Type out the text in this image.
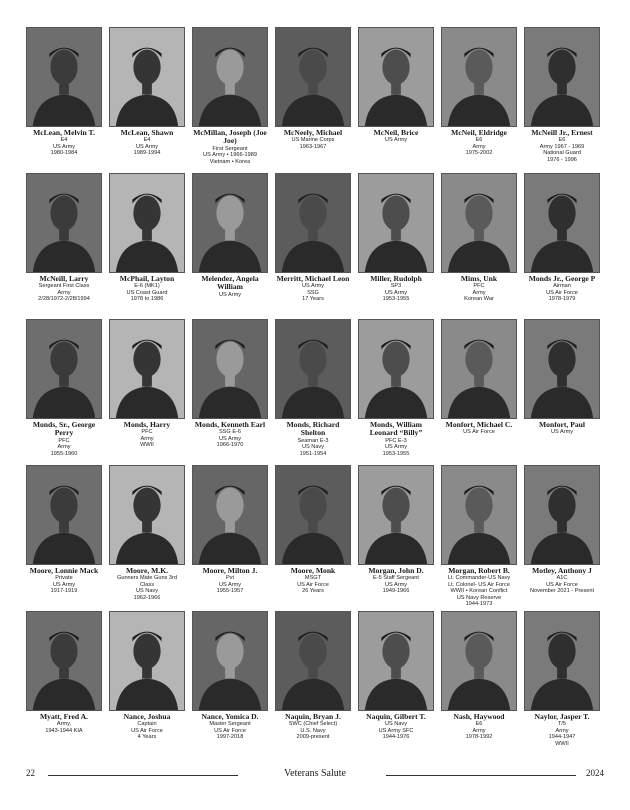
McLean, Melvin T.
E4
US Army
1980-1984
McLean, Shawn
E4
US Army
1989-1994
McMillan, Joseph (Joe Joe)
First Sergeant
US Army • 1966-1989
Vietnam • Korea
McNeely, Michael
US Marine Corps
1963-1967
McNeil, Brice
US Army
McNeil, Eldridge
E6
Army
1975-2002
McNeill Jr., Ernest
E6
Army 1967 - 1969
National Guard
1976 - 1996
McNeill, Larry
Sergeant First Class
Army
2/28/1972-2/28/1994
McPhail, Layton
E-6 (MK1)
US Coast Guard
1978 to 1986
Melendez, Angela William
US Army
Merritt, Michael Leon
US Army
SSG
17 Years
Miller, Rudolph
SP3
US Army
1953-1955
Mims, Unk
PFC
Army
Korean War
Monds Jr., George P
Airman
US Air Force
1978-1979
Monds, Sr., George Perry
PFC
Army
1955-1960
Monds, Harry
PFC
Army
WWII
Monds, Kenneth Earl
SSG E-6
US Army
1966-1970
Monds, Richard Shelton
Seaman E-3
US Navy
1951-1954
Monds, William Leonard “Billy”
PFC E-3
US Army
1953-1955
Monfort, Michael C.
US Air Force
Monfort, Paul
US Army
Moore, Lonnie Mack
Private
US Army
1917-1919
Moore, M.K.
Gunners Mate Guns 3rd Class
US Navy
1962-1966
Moore, Milton J.
Pvt
US Army
1955-1957
Moore, Monk
MSGT
US Air Force
26 Years
Morgan, John D.
E-5 Staff Sergeant
US Army
1949-1966
Morgan, Robert B.
Lt. Commander-US Navy
Lt. Colonel- US Air Force
WWII • Korean Conflict
US Navy Reserve
1944-1973
Motley, Anthony J
A1C
US Air Force
November 2021 - Present
Myatt, Fred A.
Army,
1943-1944 KIA
Nance, Joshua
Captain
US Air Force
4 Years
Nance, Yomica D.
Master Sergeant
US Air Force
1997-2018
Naquin, Bryan J.
SWC (Chief Select)
U.S. Navy
2009-present
Naquin, Gilbert T.
US Navy
US Army SFC
1944-1976
Nash, Haywood
E6
Army
1978-1992
Naylor, Jasper T.
T/5
Army
1944-1947
WWII
22	Veterans Salute	2024
